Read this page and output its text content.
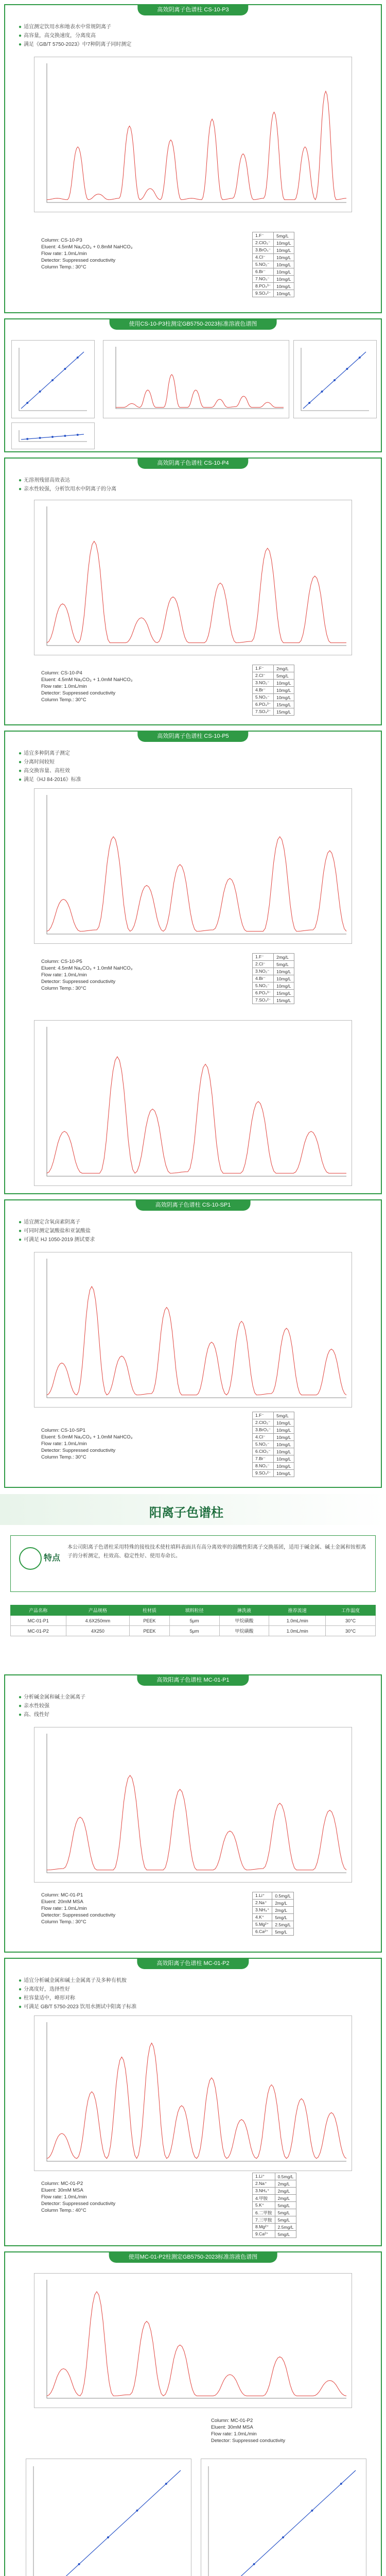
高效阴离子色谱柱 CS-10-P3
● 适宜测定饮用水和地表水中常规阴离子
● 高容量，高交换速度，分离度高
● 满足《GB/T 5750-2023》中7种阴离子同时测定
Column: CS-10-P3
Eluent: 4.5mM Na₂CO₃ + 0.8mM NaHCO₃
Flow rate: 1.0mL/min
Detector: Suppressed conductivity
Column Temp.: 30°C
1.F⁻	5mg/L
2.ClO₂⁻	10mg/L
3.BrO₃⁻	10mg/L
4.Cl⁻	10mg/L
5.NO₂⁻	10mg/L
6.Br⁻	10mg/L
7.NO₃⁻	10mg/L
8.PO₄³⁻	10mg/L
9.SO₄²⁻	10mg/L
使用CS-10-P3柱测定GB5750-2023标准溶液色谱图
高效阴离子色谱柱 CS-10-P4
● 无溶剂残留高效表达
● 亲水性较强，分析饮用水中阴离子的分离
Column: CS-10-P4
Eluent: 4.5mM Na₂CO₃ + 1.0mM NaHCO₃
Flow rate: 1.0mL/min
Detector: Suppressed conductivity
Column Temp.: 30°C
1.F⁻	2mg/L
2.Cl⁻	5mg/L
3.NO₂⁻	10mg/L
4.Br⁻	10mg/L
5.NO₃⁻	10mg/L
6.PO₄³⁻	15mg/L
7.SO₄²⁻	15mg/L
高效阴离子色谱柱 CS-10-P5
● 适宜多种阴离子测定
● 分离时间较短
● 高交换容量、高柱效
● 满足《HJ 84-2016》标准
Column: CS-10-P5
Eluent: 4.5mM Na₂CO₃ + 1.0mM NaHCO₃
Flow rate: 1.0mL/min
Detector: Suppressed conductivity
Column Temp.: 30°C
1.F⁻	2mg/L
2.Cl⁻	5mg/L
3.NO₂⁻	10mg/L
4.Br⁻	10mg/L
5.NO₃⁻	10mg/L
6.PO₄³⁻	15mg/L
7.SO₄²⁻	15mg/L
高效阴离子色谱柱 CS-10-SP1
● 适宜测定含氧卤素阴离子
● 可同时测定氯酸盐和亚氯酸盐
● 可满足 HJ 1050-2019 测试要求
Column: CS-10-SP1
Eluent: 5.0mM Na₂CO₃ + 1.0mM NaHCO₃
Flow rate: 1.0mL/min
Detector: Suppressed conductivity
Column Temp.: 30°C
1.F⁻	5mg/L
2.ClO₂⁻	10mg/L
3.BrO₃⁻	10mg/L
4.Cl⁻	10mg/L
5.NO₂⁻	10mg/L
6.ClO₃⁻	10mg/L
7.Br⁻	10mg/L
8.NO₃⁻	10mg/L
9.SO₄²⁻	10mg/L
阳离子色谱柱
特点
本公司阳离子色谱柱采用特殊的接枝技术使柱填料表面具有高分离效率的弱酸性阳离子交换基团，适用于碱金属、碱土金属和铵根离子的分析测定，柱效高、稳定性好、使用寿命长。
产品名称	产品规格	柱材质	填料粒径	淋洗液	推荐流速	工作温度
MC-01-P1	4.6X250mm	PEEK	5μm	甲烷磺酸	1.0mL/min	30°C
MC-01-P2	4X250	PEEK	5μm	甲烷磺酸	1.0mL/min	30°C
高效阳离子色谱柱 MC-01-P1
● 分析碱金属和碱土金属离子
● 亲水性较强
● 高、线性好
Column: MC-01-P1
Eluent: 20mM MSA
Flow rate: 1.0mL/min
Detector: Suppressed conductivity
Column Temp.: 30°C
1.Li⁺	0.5mg/L
2.Na⁺	2mg/L
3.NH₄⁺	2mg/L
4.K⁺	5mg/L
5.Mg²⁺	2.5mg/L
6.Ca²⁺	5mg/L
高效阳离子色谱柱 MC-01-P2
● 适宜分析碱金属和碱土金属离子及多种有机胺
● 分离度好，选择性好
● 柱容量适中，峰形对称
● 可满足 GB/T 5750-2023 饮用水测试中阳离子标准
Column: MC-01-P2
Eluent: 30mM MSA
Flow rate: 1.0mL/min
Detector: Suppressed conductivity
Column Temp.: 40°C
1.Li⁺	0.5mg/L
2.Na⁺	2mg/L
3.NH₄⁺	2mg/L
4.甲胺	2mg/L
5.K⁺	5mg/L
6.二甲胺	5mg/L
7.三甲胺	5mg/L
8.Mg²⁺	2.5mg/L
9.Ca²⁺	5mg/L
使用MC-01-P2柱测定GB5750-2023标准溶液色谱图
Column: MC-01-P2
Eluent: 30mM MSA
Flow rate: 1.0mL/min
Detector: Suppressed conductivity
